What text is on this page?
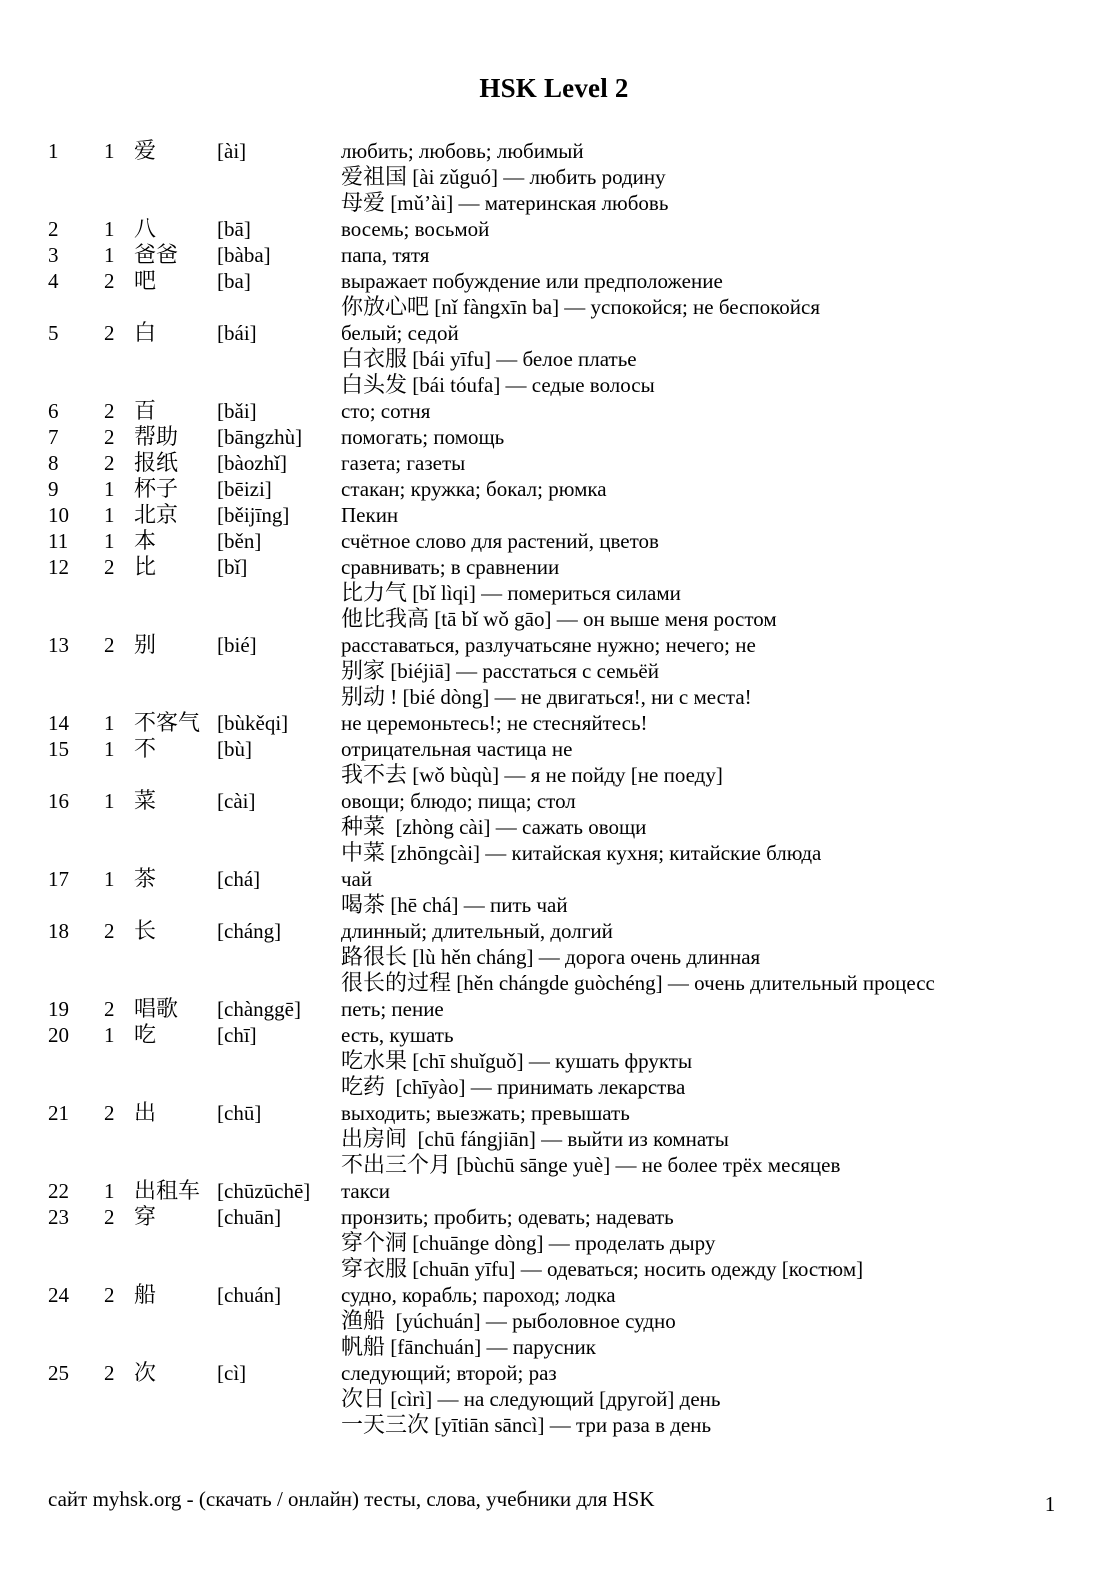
HSK Level 2
1	1 爱	[ài]	любить; любовь; любимый
爱祖国 [ài zǔguó] — любить родину
母爱 [mǔ’ài] — материнская любовь
2	1 八	[bā]	восемь; восьмой
3	1 爸爸 [bàba]	папа, тятя
4	2 吧	[ba]	выражает побуждение или предположение
你放心吧 [nǐ fàngxīn ba] — успокойся; не беспокойся
5	2 白	[bái]	белый; седой
白衣服 [bái yīfu] — белое платье
白头发 [bái tóufa] — седые волосы
6	2 百	[bǎi]	сто; сотня
7	2 帮助 [bāngzhù] помогать; помощь
8	2 报纸 [bàozhǐ]	газета; газеты
9	1 杯子 [bēizi]	стакан; кружка; бокал; рюмка
10	1 北京 [běijīng] Пекин
11	1 本	[běn]	счётное слово для растений, цветов
12	2 比	[bǐ]	сравнивать; в сравнении
比力气 [bǐ lìqi] — помериться силами
他比我高 [tā bǐ wǒ gāo] — он выше меня ростом
13	2 别	[bié]	расставаться, разлучатьсяне нужно; нечего; не
别家 [biéjiā] — расстаться с семьёй
别动 ! [bié dòng] — не двигаться!, ни с места!
14	1 不客气 [bùkěqi]	не церемоньтесь!; не стесняйтесь!
15	1 不	[bù]	отрицательная частица не
我不去 [wǒ bùqù] — я не пойду [не поеду]
16	1 菜	[cài]	овощи; блюдо; пища; стол
种菜  [zhòng cài] — сажать овощи
中菜 [zhōngcài] — китайская кухня; китайские блюда
17	1 茶	[chá]	чай
喝茶 [hē chá] — пить чай
18	2 长	[cháng]	длинный; длительный, долгий
路很长 [lù hěn cháng] — дорога очень длинная
很长的过程 [hěn chángde guòchéng] — очень длительный процесс
19	2 唱歌 [chànggē] петь; пение
20	1 吃	[chī]	есть, кушать
吃水果 [chī shuǐguǒ] — кушать фрукты
吃药  [chīyào] — принимать лекарства
21	2 出	[chū]	выходить; выезжать; превышать
出房间  [chū fángjiān] — выйти из комнаты
不出三个月 [bùchū sānge yuè] — не более трёх месяцев
22	1 出租车 [chūzūchē] такси
23	2 穿	[chuān]	пронзить; пробить; одевать; надевать
穿个洞 [chuānge dòng] — проделать дыру
穿衣服 [chuān yīfu] — одеваться; носить одежду [костюм]
24	2 船	[chuán]	судно, корабль; пароход; лодка
渔船  [yúchuán] — рыболовное судно
帆船 [fānchuán] — парусник
25	2 次	[cì]	следующий; второй; раз
次日 [cìrì] — на следующий [другой] день
一天三次 [yītiān sāncì] — три раза в день
сайт myhsk.org - (скачать / онлайн) тесты, слова, учебники для HSK	1
